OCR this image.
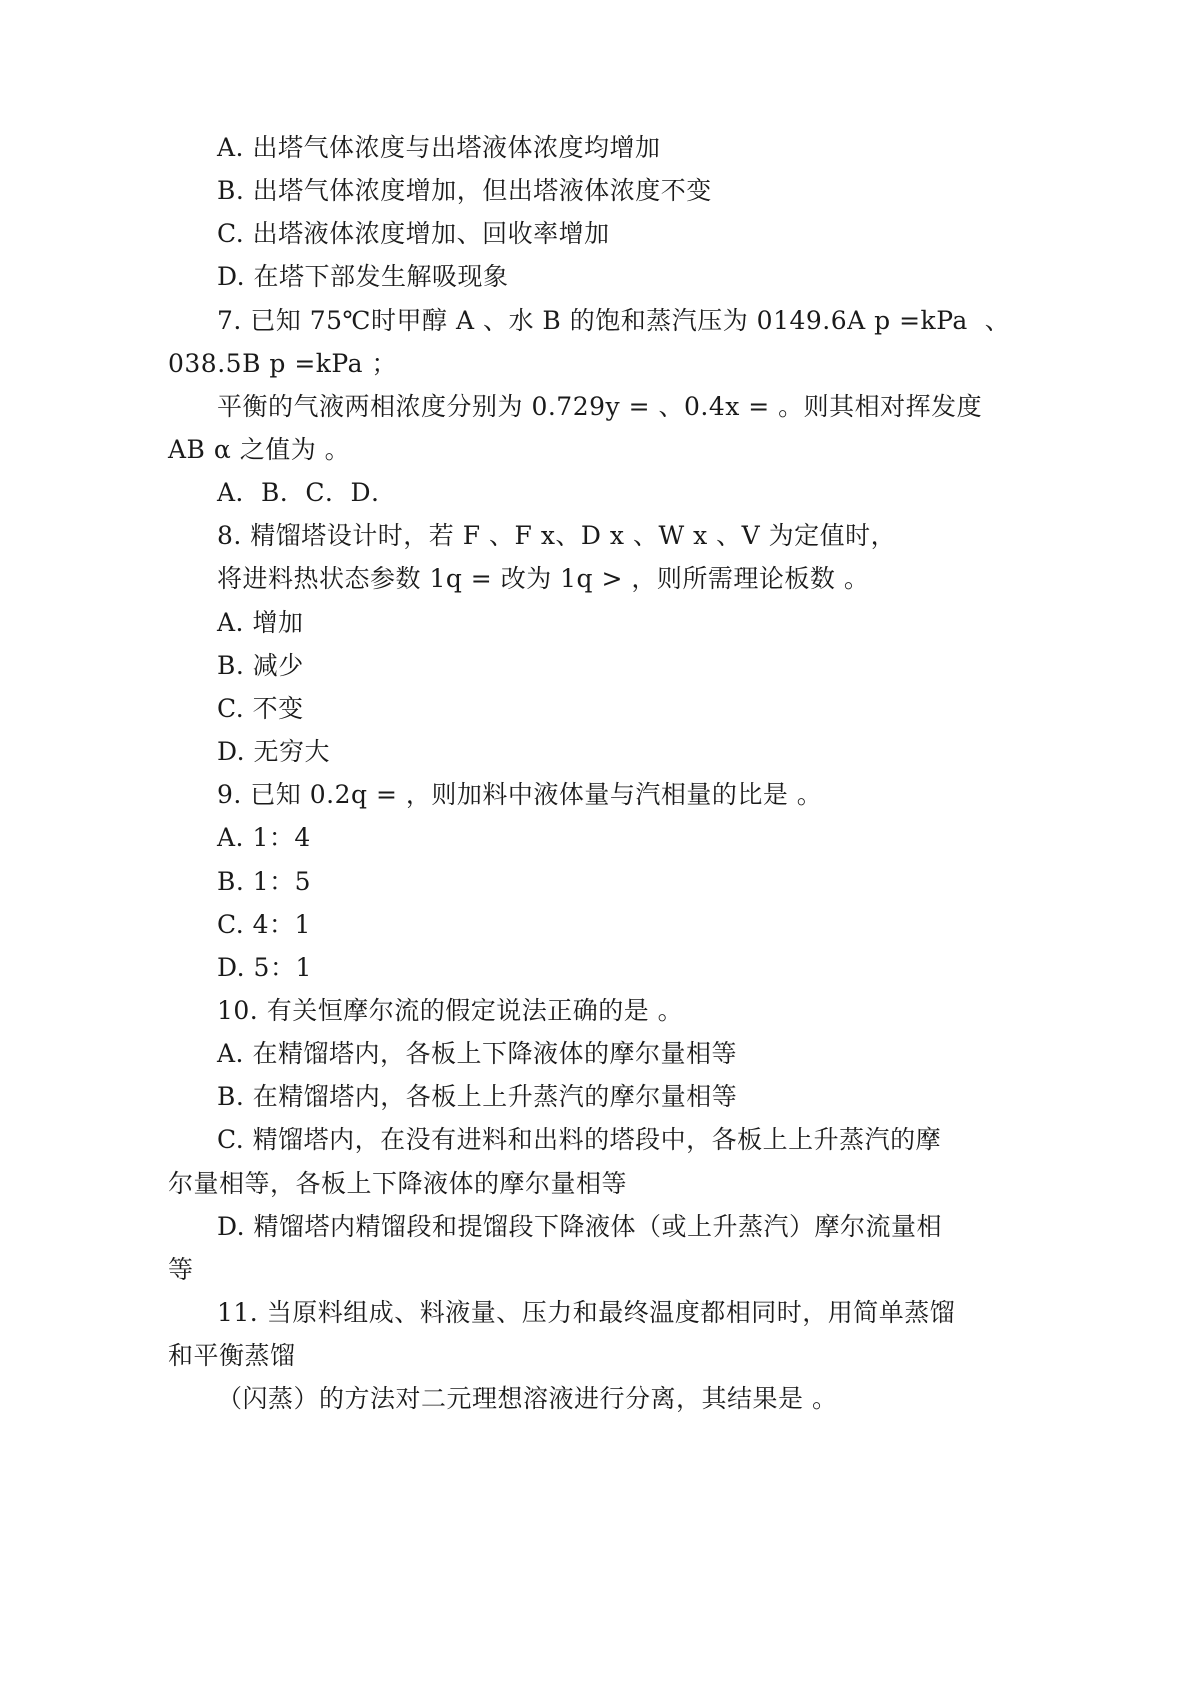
A. 出塔气体浓度与出塔液体浓度均增加
B. 出塔气体浓度增加，但出塔液体浓度不变
C. 出塔液体浓度增加、回收率增加
D. 在塔下部发生解吸现象
7. 已知 75℃时甲醇 A 、水 B 的饱和蒸汽压为 0149.6A p =kPa  、
038.5B p =kPa ；
平衡的气液两相浓度分别为 0.729y = 、0.4x = 。则其相对挥发度
AB α 之值为 。
A．B．C．D．
8. 精馏塔设计时，若 F 、F x、D x 、W x 、V 为定值时，
将进料热状态参数 1q = 改为 1q > ，则所需理论板数 。
A. 增加
B. 减少
C. 不变
D. 无穷大
9. 已知 0.2q = ，则加料中液体量与汽相量的比是 。
A. 1：4
B. 1：5
C. 4：1
D. 5：1
10. 有关恒摩尔流的假定说法正确的是 。
A. 在精馏塔内，各板上下降液体的摩尔量相等
B. 在精馏塔内，各板上上升蒸汽的摩尔量相等
C. 精馏塔内，在没有进料和出料的塔段中，各板上上升蒸汽的摩
尔量相等，各板上下降液体的摩尔量相等
D. 精馏塔内精馏段和提馏段下降液体（或上升蒸汽）摩尔流量相
等
11. 当原料组成、料液量、压力和最终温度都相同时，用简单蒸馏
和平衡蒸馏
（闪蒸）的方法对二元理想溶液进行分离，其结果是 。
